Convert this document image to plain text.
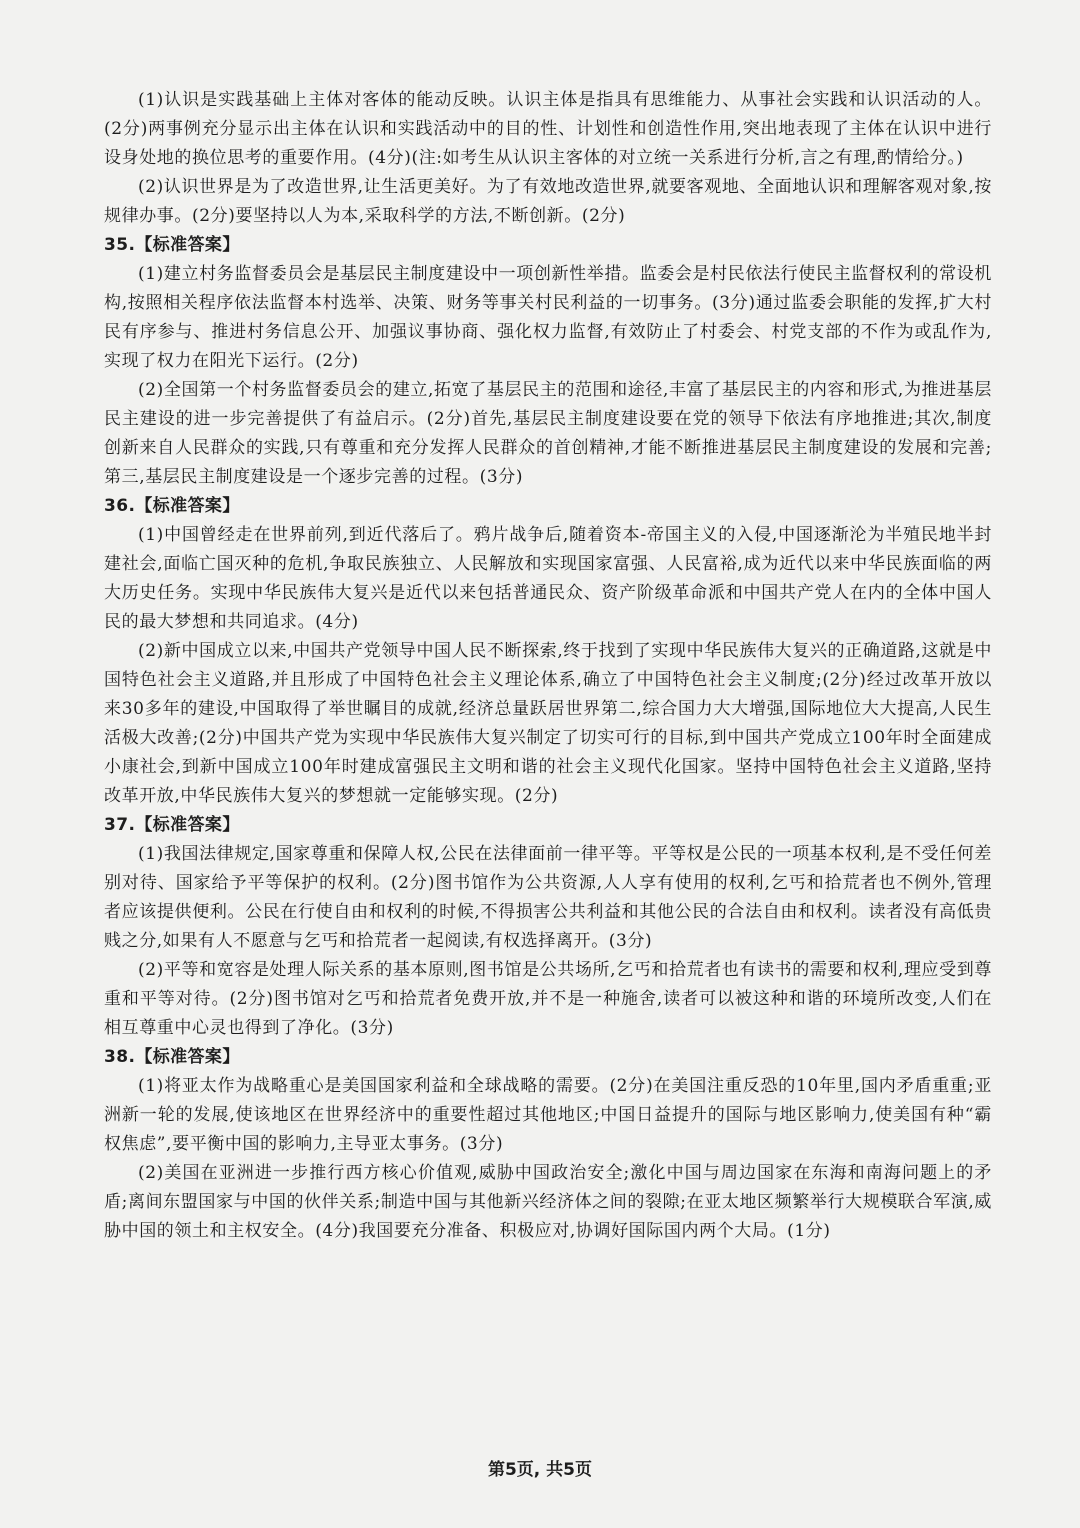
(1)认识是实践基础上主体对客体的能动反映。认识主体是指具有思维能力、从事社会实践和认识活动的人。(2分)两事例充分显示出主体在认识和实践活动中的目的性、计划性和创造性作用,突出地表现了主体在认识中进行设身处地的换位思考的重要作用。(4分)(注:如考生从认识主客体的对立统一关系进行分析,言之有理,酌情给分。)

(2)认识世界是为了改造世界,让生活更美好。为了有效地改造世界,就要客观地、全面地认识和理解客观对象,按规律办事。(2分)要坚持以人为本,采取科学的方法,不断创新。(2分)

35.【标准答案】

(1)建立村务监督委员会是基层民主制度建设中一项创新性举措。监委会是村民依法行使民主监督权利的常设机构,按照相关程序依法监督本村选举、决策、财务等事关村民利益的一切事务。(3分)通过监委会职能的发挥,扩大村民有序参与、推进村务信息公开、加强议事协商、强化权力监督,有效防止了村委会、村党支部的不作为或乱作为,实现了权力在阳光下运行。(2分)

(2)全国第一个村务监督委员会的建立,拓宽了基层民主的范围和途径,丰富了基层民主的内容和形式,为推进基层民主建设的进一步完善提供了有益启示。(2分)首先,基层民主制度建设要在党的领导下依法有序地推进;其次,制度创新来自人民群众的实践,只有尊重和充分发挥人民群众的首创精神,才能不断推进基层民主制度建设的发展和完善;第三,基层民主制度建设是一个逐步完善的过程。(3分)

36.【标准答案】

(1)中国曾经走在世界前列,到近代落后了。鸦片战争后,随着资本-帝国主义的入侵,中国逐渐沦为半殖民地半封建社会,面临亡国灭种的危机,争取民族独立、人民解放和实现国家富强、人民富裕,成为近代以来中华民族面临的两大历史任务。实现中华民族伟大复兴是近代以来包括普通民众、资产阶级革命派和中国共产党人在内的全体中国人民的最大梦想和共同追求。(4分)

(2)新中国成立以来,中国共产党领导中国人民不断探索,终于找到了实现中华民族伟大复兴的正确道路,这就是中国特色社会主义道路,并且形成了中国特色社会主义理论体系,确立了中国特色社会主义制度;(2分)经过改革开放以来30多年的建设,中国取得了举世瞩目的成就,经济总量跃居世界第二,综合国力大大增强,国际地位大大提高,人民生活极大改善;(2分)中国共产党为实现中华民族伟大复兴制定了切实可行的目标,到中国共产党成立100年时全面建成小康社会,到新中国成立100年时建成富强民主文明和谐的社会主义现代化国家。坚持中国特色社会主义道路,坚持改革开放,中华民族伟大复兴的梦想就一定能够实现。(2分)

37.【标准答案】

(1)我国法律规定,国家尊重和保障人权,公民在法律面前一律平等。平等权是公民的一项基本权利,是不受任何差别对待、国家给予平等保护的权利。(2分)图书馆作为公共资源,人人享有使用的权利,乞丐和拾荒者也不例外,管理者应该提供便利。公民在行使自由和权利的时候,不得损害公共利益和其他公民的合法自由和权利。读者没有高低贵贱之分,如果有人不愿意与乞丐和拾荒者一起阅读,有权选择离开。(3分)

(2)平等和宽容是处理人际关系的基本原则,图书馆是公共场所,乞丐和拾荒者也有读书的需要和权利,理应受到尊重和平等对待。(2分)图书馆对乞丐和拾荒者免费开放,并不是一种施舍,读者可以被这种和谐的环境所改变,人们在相互尊重中心灵也得到了净化。(3分)

38.【标准答案】

(1)将亚太作为战略重心是美国国家利益和全球战略的需要。(2分)在美国注重反恐的10年里,国内矛盾重重;亚洲新一轮的发展,使该地区在世界经济中的重要性超过其他地区;中国日益提升的国际与地区影响力,使美国有种“霸权焦虑”,要平衡中国的影响力,主导亚太事务。(3分)

(2)美国在亚洲进一步推行西方核心价值观,威胁中国政治安全;激化中国与周边国家在东海和南海问题上的矛盾;离间东盟国家与中国的伙伴关系;制造中国与其他新兴经济体之间的裂隙;在亚太地区频繁举行大规模联合军演,威胁中国的领土和主权安全。(4分)我国要充分准备、积极应对,协调好国际国内两个大局。(1分)

第5页, 共5页
